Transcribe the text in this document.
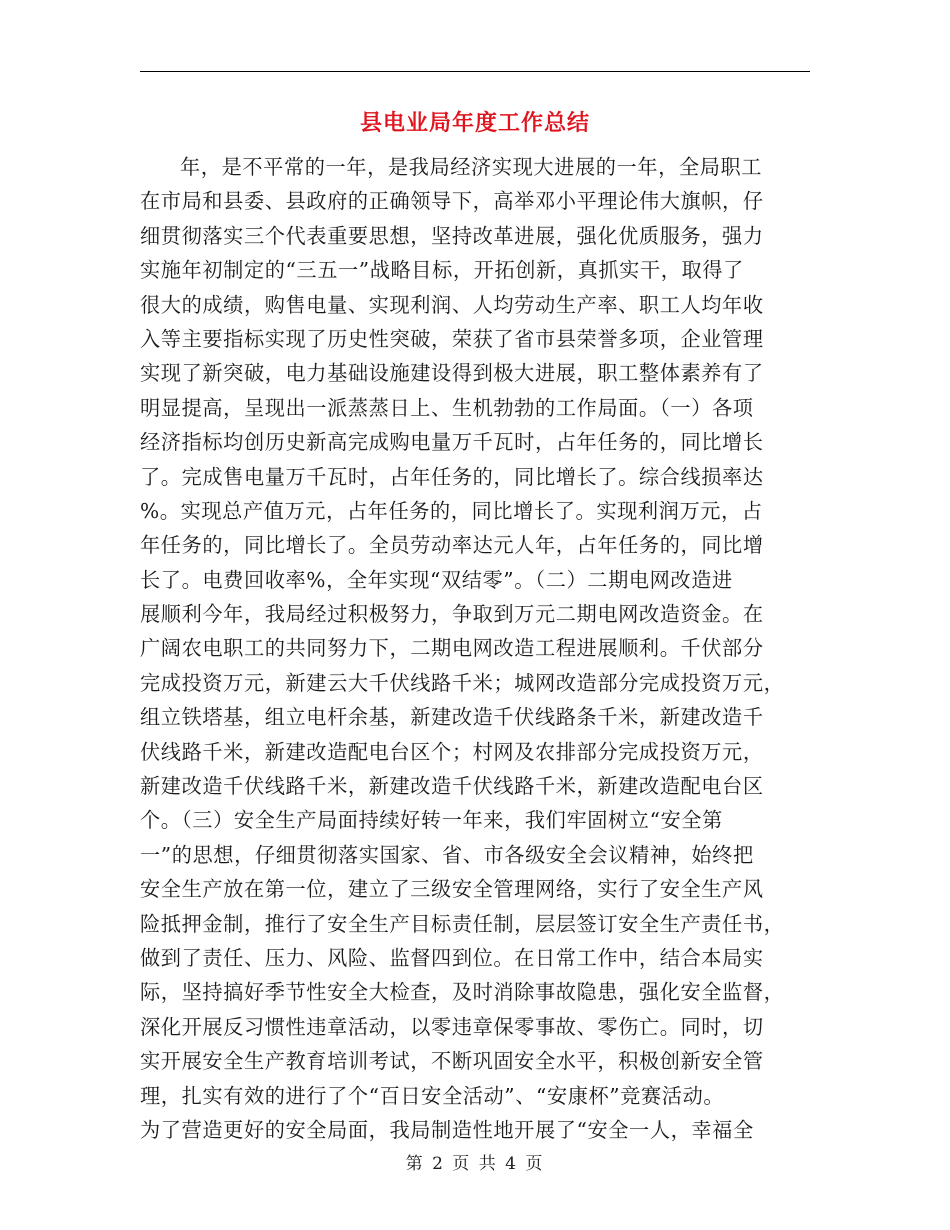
县电业局年度工作总结
年，是不平常的一年，是我局经济实现大进展的一年，全局职工
在市局和县委、县政府的正确领导下，高举邓小平理论伟大旗帜，仔
细贯彻落实三个代表重要思想，坚持改革进展，强化优质服务，强力
实施年初制定的“三五一”战略目标，开拓创新，真抓实干，取得了
很大的成绩，购售电量、实现利润、人均劳动生产率、职工人均年收
入等主要指标实现了历史性突破，荣获了省市县荣誉多项，企业管理
实现了新突破，电力基础设施建设得到极大进展，职工整体素养有了
明显提高，呈现出一派蒸蒸日上、生机勃勃的工作局面。（一）各项
经济指标均创历史新高完成购电量万千瓦时，占年任务的，同比增长
了。完成售电量万千瓦时，占年任务的，同比增长了。综合线损率达
%。实现总产值万元，占年任务的，同比增长了。实现利润万元，占
年任务的，同比增长了。全员劳动率达元人年，占年任务的，同比增
长了。电费回收率%，全年实现“双结零”。（二）二期电网改造进
展顺利今年，我局经过积极努力，争取到万元二期电网改造资金。在
广阔农电职工的共同努力下，二期电网改造工程进展顺利。千伏部分
完成投资万元，新建云大千伏线路千米；城网改造部分完成投资万元，
组立铁塔基，组立电杆余基，新建改造千伏线路条千米，新建改造千
伏线路千米，新建改造配电台区个；村网及农排部分完成投资万元，
新建改造千伏线路千米，新建改造千伏线路千米，新建改造配电台区
个。（三）安全生产局面持续好转一年来，我们牢固树立“安全第
一”的思想，仔细贯彻落实国家、省、市各级安全会议精神，始终把
安全生产放在第一位，建立了三级安全管理网络，实行了安全生产风
险抵押金制，推行了安全生产目标责任制，层层签订安全生产责任书，
做到了责任、压力、风险、监督四到位。在日常工作中，结合本局实
际，坚持搞好季节性安全大检查，及时消除事故隐患，强化安全监督，
深化开展反习惯性违章活动，以零违章保零事故、零伤亡。同时，切
实开展安全生产教育培训考试，不断巩固安全水平，积极创新安全管
理，扎实有效的进行了个“百日安全活动”、“安康杯”竞赛活动。
为了营造更好的安全局面，我局制造性地开展了“安全一人，幸福全
第 2 页 共 4 页
